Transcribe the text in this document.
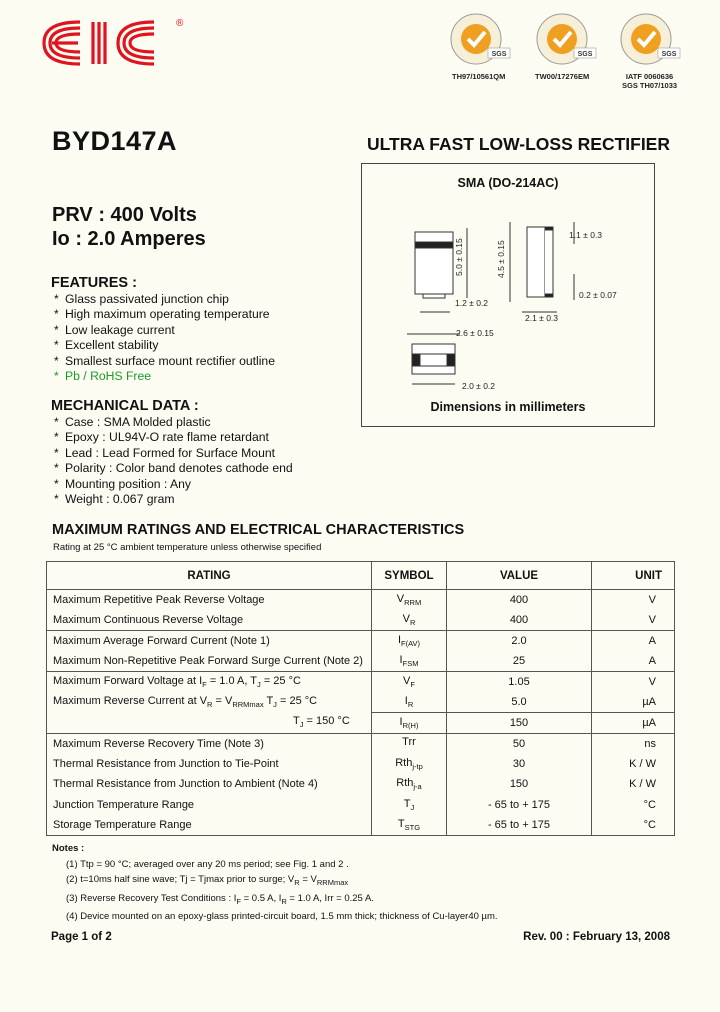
®
SGS
TH97/10561QM
SGS
TW00/17276EM
SGS
IATF 0060636
SGS TH07/1033
BYD147A	ULTRA FAST LOW-LOSS RECTIFIER
PRV : 400 Volts
Io : 2.0 Amperes
SMA (DO-214AC)
5.0 ± 0.15	4.5 ± 0.15
1.2 ± 0.2
1.1 ± 0.3
0.2 ± 0.07
2.1 ± 0.3
2.6 ± 0.15
2.0 ± 0.2
Dimensions in millimeters
FEATURES :
* Glass passivated junction chip
* High maximum operating temperature
* Low leakage current
* Excellent stability
* Smallest surface mount rectifier outline
* Pb / RoHS Free
MECHANICAL DATA :
* Case : SMA Molded plastic
* Epoxy : UL94V-O rate flame retardant
* Lead : Lead Formed for Surface Mount
* Polarity : Color band denotes cathode end
* Mounting position : Any
* Weight : 0.067 gram
MAXIMUM RATINGS AND ELECTRICAL CHARACTERISTICS
Rating at 25 °C ambient temperature unless otherwise specified
RATING	SYMBOL	VALUE	UNIT
Maximum Repetitive Peak Reverse Voltage	$V_{RRM}$	400	V
Maximum Continuous Reverse Voltage	$V_R$	400	V
Maximum Average Forward Current (Note 1)	$I_{F(AV)}$	2.0	A
Maximum Non-Repetitive Peak Forward Surge Current (Note 2)	$I_{FSM}$	25	A
Maximum Forward Voltage at $I_F = 1.0$ A, $T_J = 25$ °C	$V_F$	1.05	V
Maximum Reverse Current at $V_R = V_{RRMmax}$ $T_J = 25$ °C	$I_R$	5.0	µA
$T_J = 150$ °C	$I_{R(H)}$	150	µA
Maximum Reverse Recovery Time (Note 3)	Trr	50	ns
Thermal Resistance from Junction to Tie-Point	Rth$_{j-tp}$	30	K / W
Thermal Resistance from Junction to Ambient (Note 4)	Rth$_{j-a}$	150	K / W
Junction Temperature Range	$T_J$	- 65 to + 175	°C
Storage Temperature Range	$T_{STG}$	- 65 to + 175	°C
Notes :
(1) Ttp = 90 °C; averaged over any 20 ms period; see Fig. 1 and 2 .
(2) t=10ms half sine wave; Tj = Tjmax prior to surge; $V_R = V_{RRMmax}$
(3) Reverse Recovery Test Conditions : $I_F = 0.5$ A, $I_R = 1.0$ A, Irr = 0.25 A.
(4) Device mounted on an epoxy-glass printed-circuit board, 1.5 mm thick; thickness of Cu-layer40 µm.
Page 1 of 2	Rev. 00 : February 13, 2008
